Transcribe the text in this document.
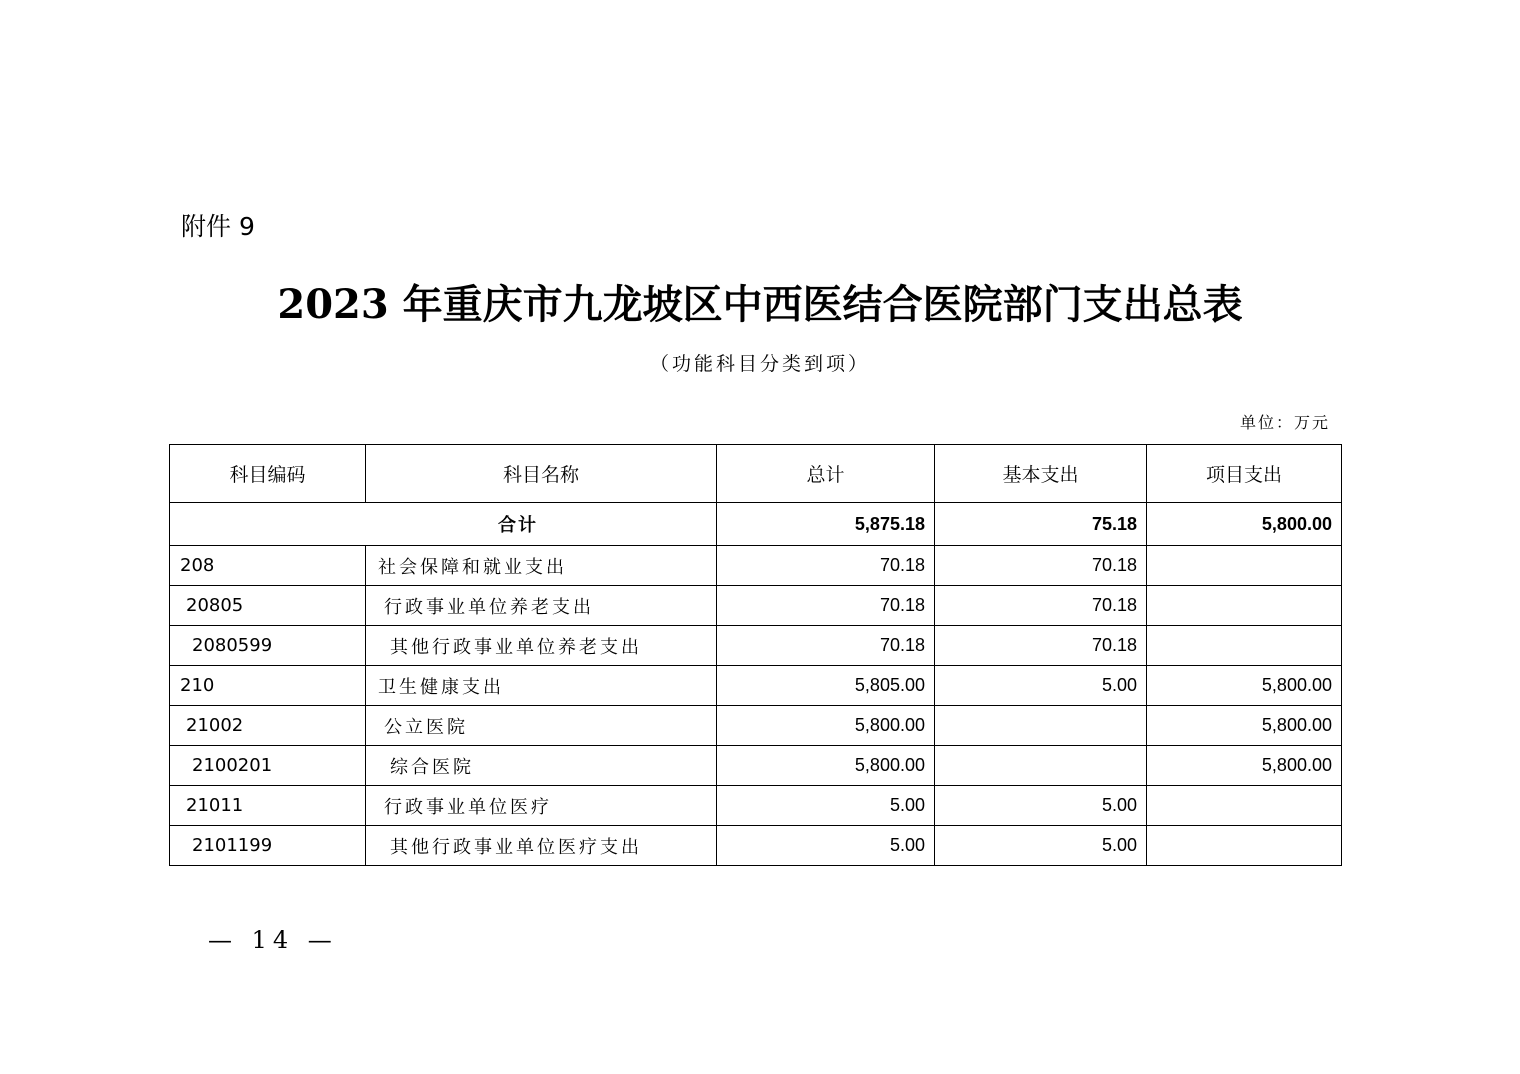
附件 9
2023 年重庆市九龙坡区中西医结合医院部门支出总表
（功能科目分类到项）
单位：万元
科目编码	科目名称	总计	基本支出	项目支出
合计		5,875.18	75.18	5,800.00
208	社会保障和就业支出	70.18	70.18	
20805	行政事业单位养老支出	70.18	70.18	
2080599	其他行政事业单位养老支出	70.18	70.18	
210	卫生健康支出	5,805.00	5.00	5,800.00
21002	公立医院	5,800.00		5,800.00
2100201	综合医院	5,800.00		5,800.00
21011	行政事业单位医疗	5.00	5.00	
2101199	其他行政事业单位医疗支出	5.00	5.00	
— 14 —
